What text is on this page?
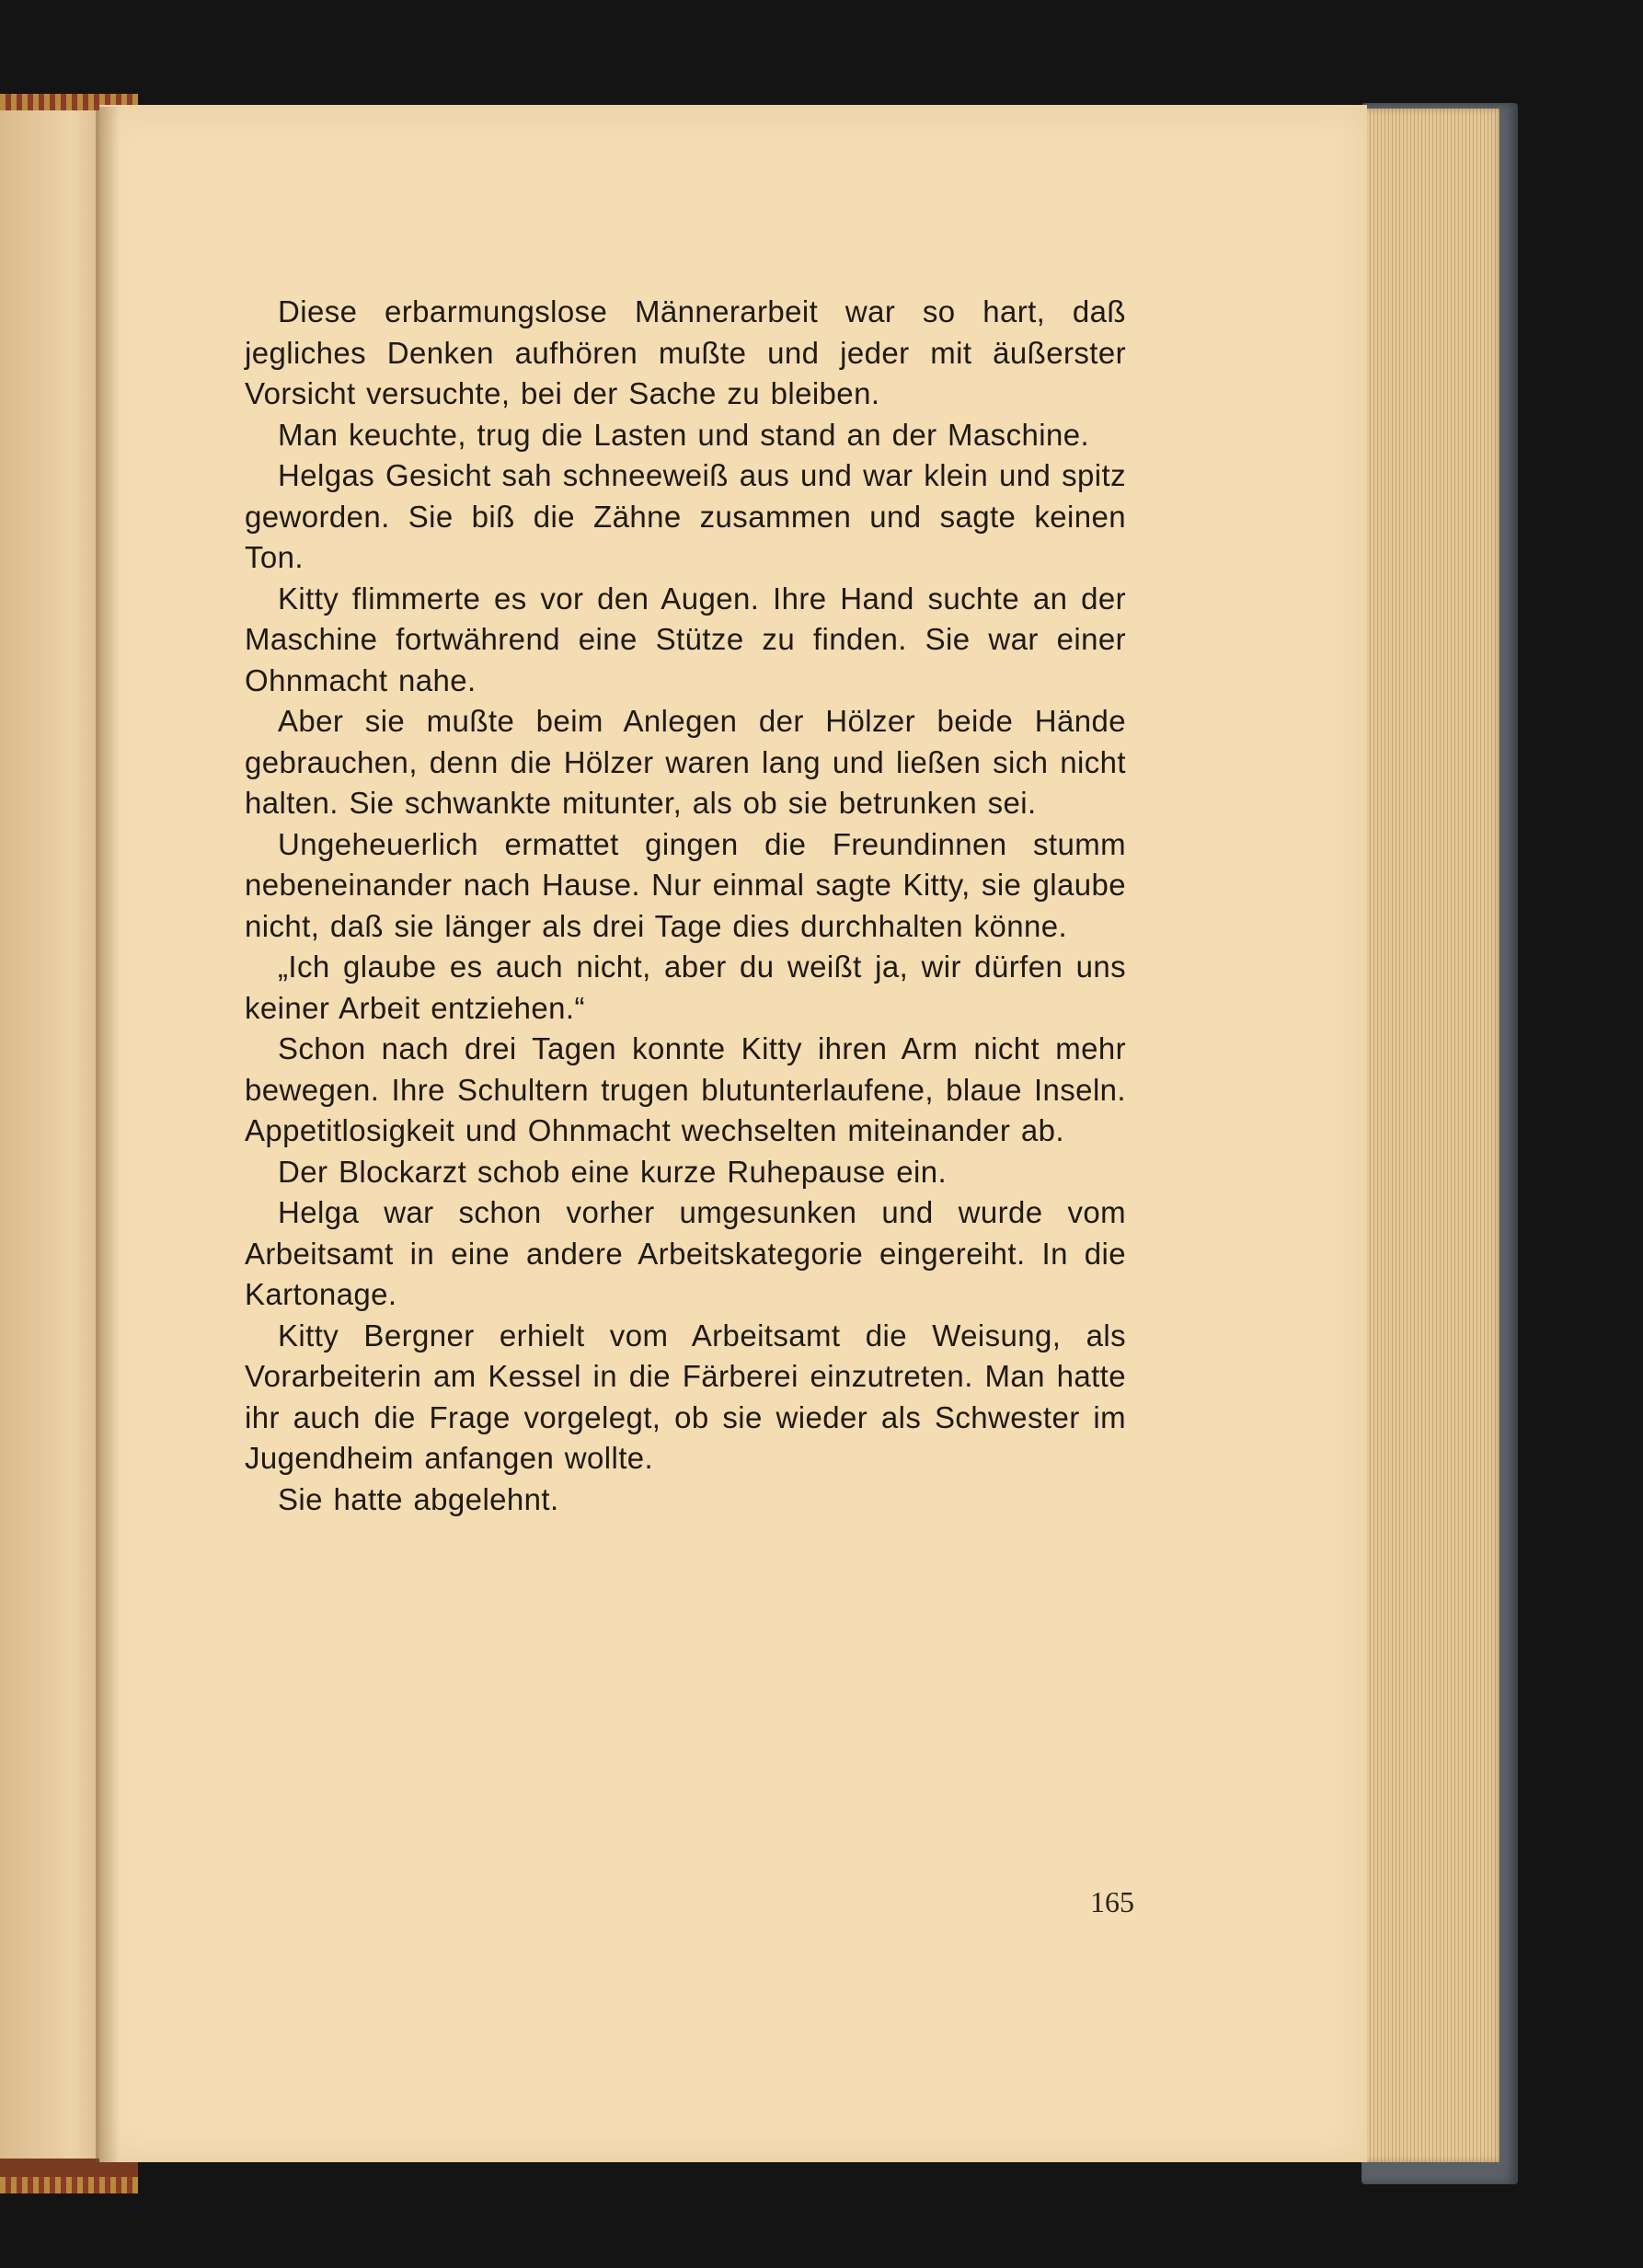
Diese erbarmungslose Männerarbeit war so hart, daß jegliches Denken aufhören mußte und jeder mit äußerster Vorsicht versuchte, bei der Sache zu bleiben.

Man keuchte, trug die Lasten und stand an der Maschine.

Helgas Gesicht sah schneeweiß aus und war klein und spitz geworden. Sie biß die Zähne zusammen und sagte keinen Ton.

Kitty flimmerte es vor den Augen. Ihre Hand suchte an der Maschine fortwährend eine Stütze zu finden. Sie war einer Ohnmacht nahe.

Aber sie mußte beim Anlegen der Hölzer beide Hände gebrauchen, denn die Hölzer waren lang und ließen sich nicht halten. Sie schwankte mitunter, als ob sie betrunken sei.

Ungeheuerlich ermattet gingen die Freundinnen stumm nebeneinander nach Hause. Nur einmal sagte Kitty, sie glaube nicht, daß sie länger als drei Tage dies durchhalten könne.

„Ich glaube es auch nicht, aber du weißt ja, wir dürfen uns keiner Arbeit entziehen.“

Schon nach drei Tagen konnte Kitty ihren Arm nicht mehr bewegen. Ihre Schultern trugen blutunterlaufene, blaue Inseln. Appetitlosigkeit und Ohnmacht wechselten miteinander ab.

Der Blockarzt schob eine kurze Ruhepause ein.

Helga war schon vorher umgesunken und wurde vom Arbeitsamt in eine andere Arbeitskategorie eingereiht. In die Kartonage.

Kitty Bergner erhielt vom Arbeitsamt die Weisung, als Vorarbeiterin am Kessel in die Färberei einzutreten. Man hatte ihr auch die Frage vorgelegt, ob sie wieder als Schwester im Jugendheim anfangen wollte.

Sie hatte abgelehnt.

165
